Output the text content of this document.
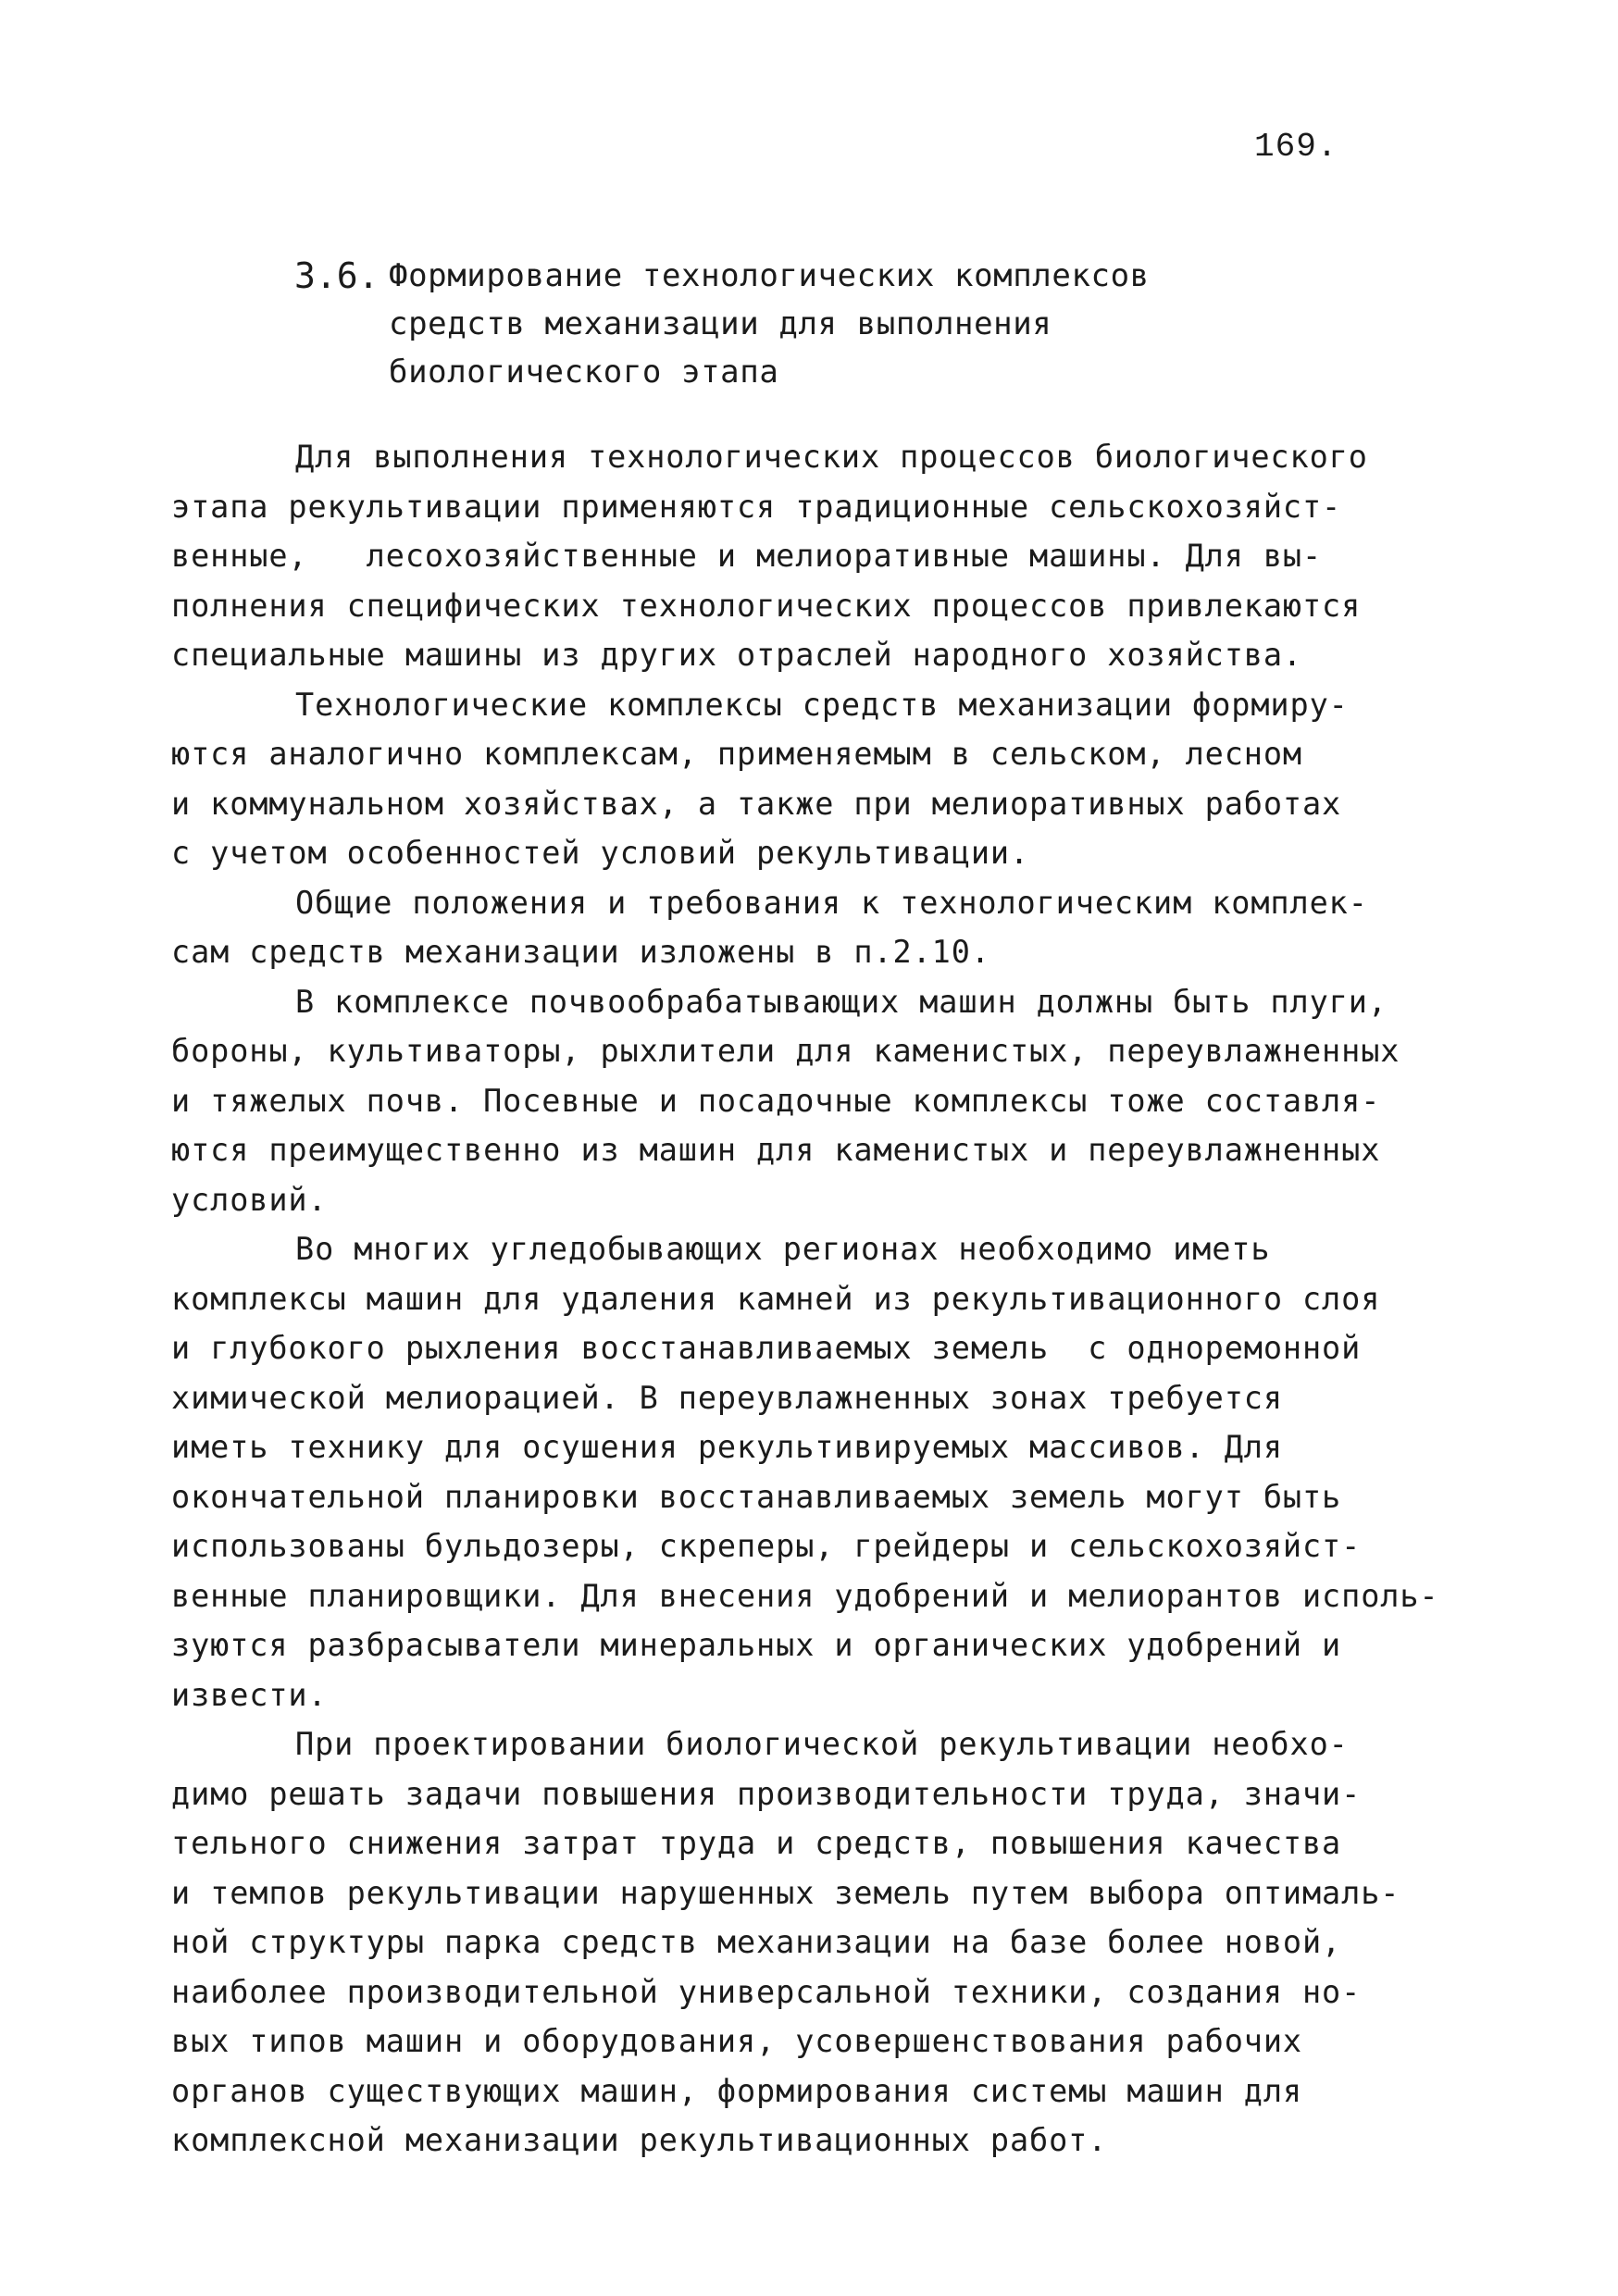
169.
3.6. Формирование технологических комплексов
средств механизации для выполнения
биологического этапа
Для выполнения технологических процессов биологического
этапа рекультивации применяются традиционные сельскохозяйст-
венные,   лесохозяйственные и мелиоративные машины. Для вы-
полнения специфических технологических процессов привлекаются
специальные машины из других отраслей народного хозяйства.
Технологические комплексы средств механизации формиру-
ются аналогично комплексам, применяемым в сельском, лесном
и коммунальном хозяйствах, а также при мелиоративных работах
с учетом особенностей условий рекультивации.
Общие положения и требования к технологическим комплек-
сам средств механизации изложены в п.2.10.
В комплексе почвообрабатывающих машин должны быть плуги,
бороны, культиваторы, рыхлители для каменистых, переувлажненных
и тяжелых почв. Посевные и посадочные комплексы тоже составля-
ются преимущественно из машин для каменистых и переувлажненных
условий.
Во многих угледобывающих регионах необходимо иметь
комплексы машин для удаления камней из рекультивационного слоя
и глубокого рыхления восстанавливаемых земель  с одноремонной
химической мелиорацией. В переувлажненных зонах требуется
иметь технику для осушения рекультивируемых массивов. Для
окончательной планировки восстанавливаемых земель могут быть
использованы бульдозеры, скреперы, грейдеры и сельскохозяйст-
венные планировщики. Для внесения удобрений и мелиорантов исполь-
зуются разбрасыватели минеральных и органических удобрений и
извести.
При проектировании биологической рекультивации необхо-
димо решать задачи повышения производительности труда, значи-
тельного снижения затрат труда и средств, повышения качества
и темпов рекультивации нарушенных земель путем выбора оптималь-
ной структуры парка средств механизации на базе более новой,
наиболее производительной универсальной техники, создания но-
вых типов машин и оборудования, усовершенствования рабочих
органов существующих машин, формирования системы машин для
комплексной механизации рекультивационных работ.
